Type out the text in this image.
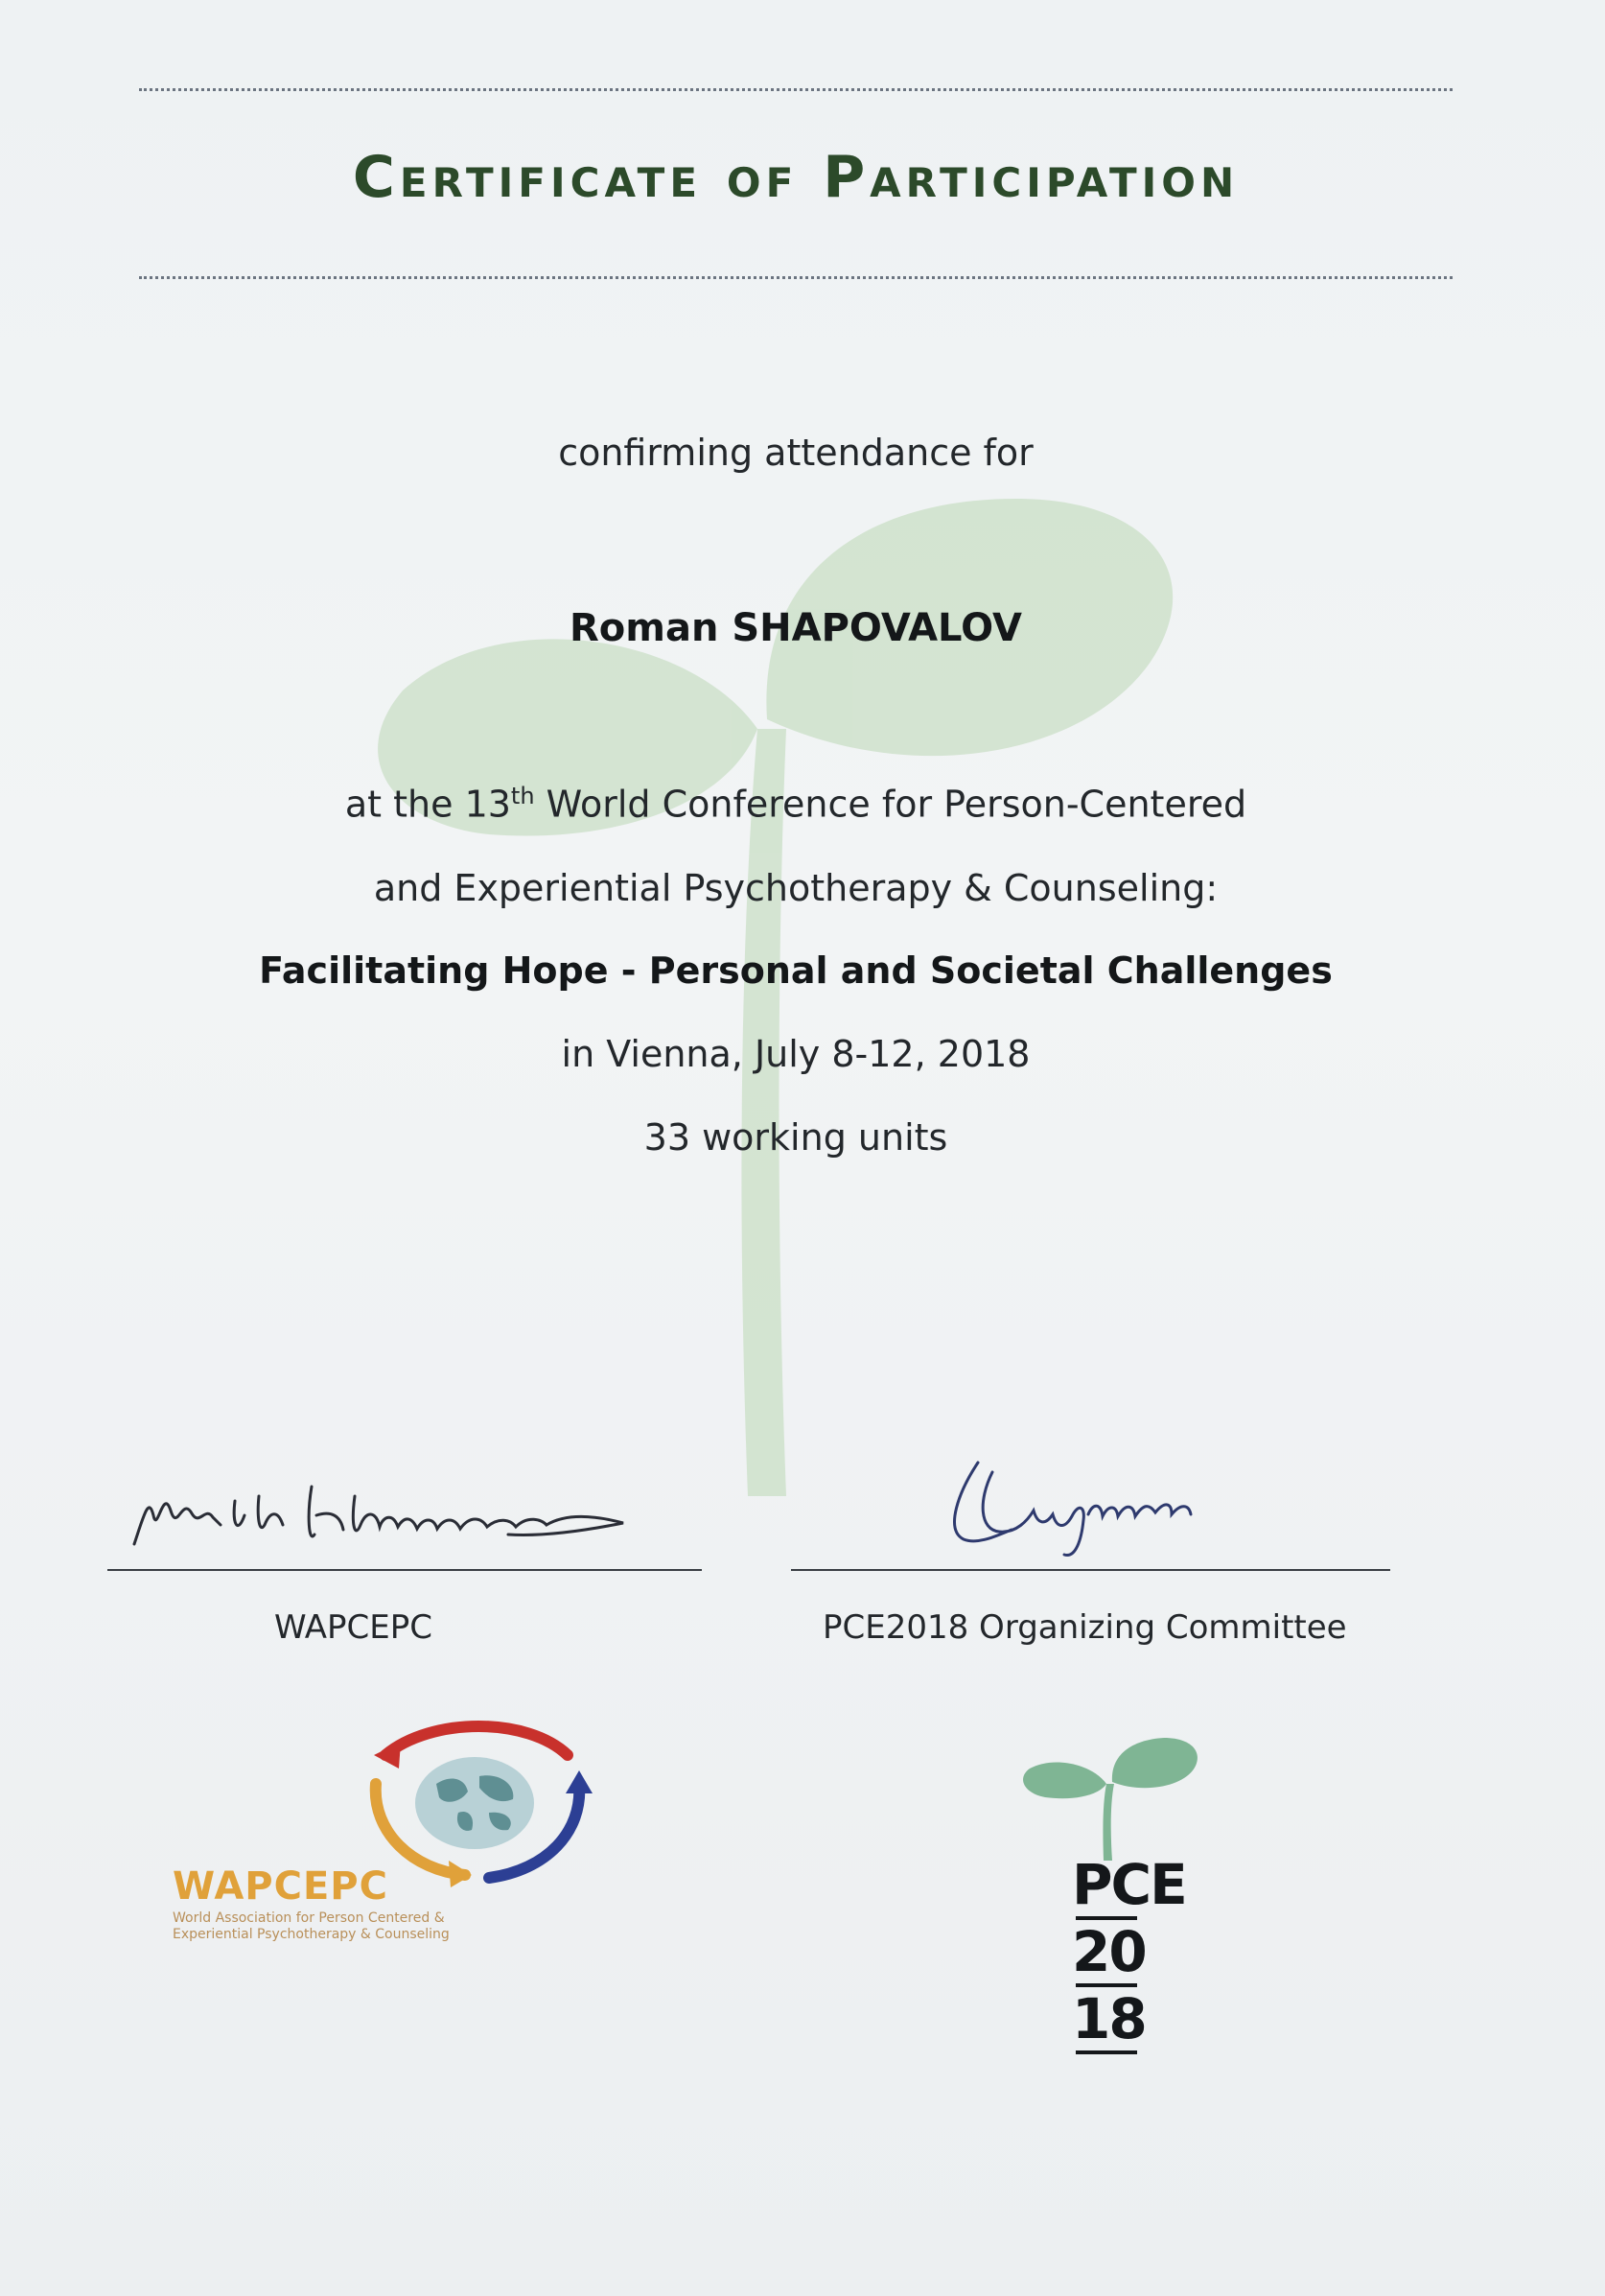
Certificate of Participation
confirming attendance for
Roman SHAPOVALOV
at the 13th World Conference for Person-Centered
and Experiential Psychotherapy & Counseling:
Facilitating Hope - Personal and Societal Challenges
in Vienna, July 8-12, 2018
33 working units
WAPCEPC	PCE2018 Organizing Committee
WAPCEPC
World Association for Person Centered &
Experiential Psychotherapy & Counseling
PCE
20
18
